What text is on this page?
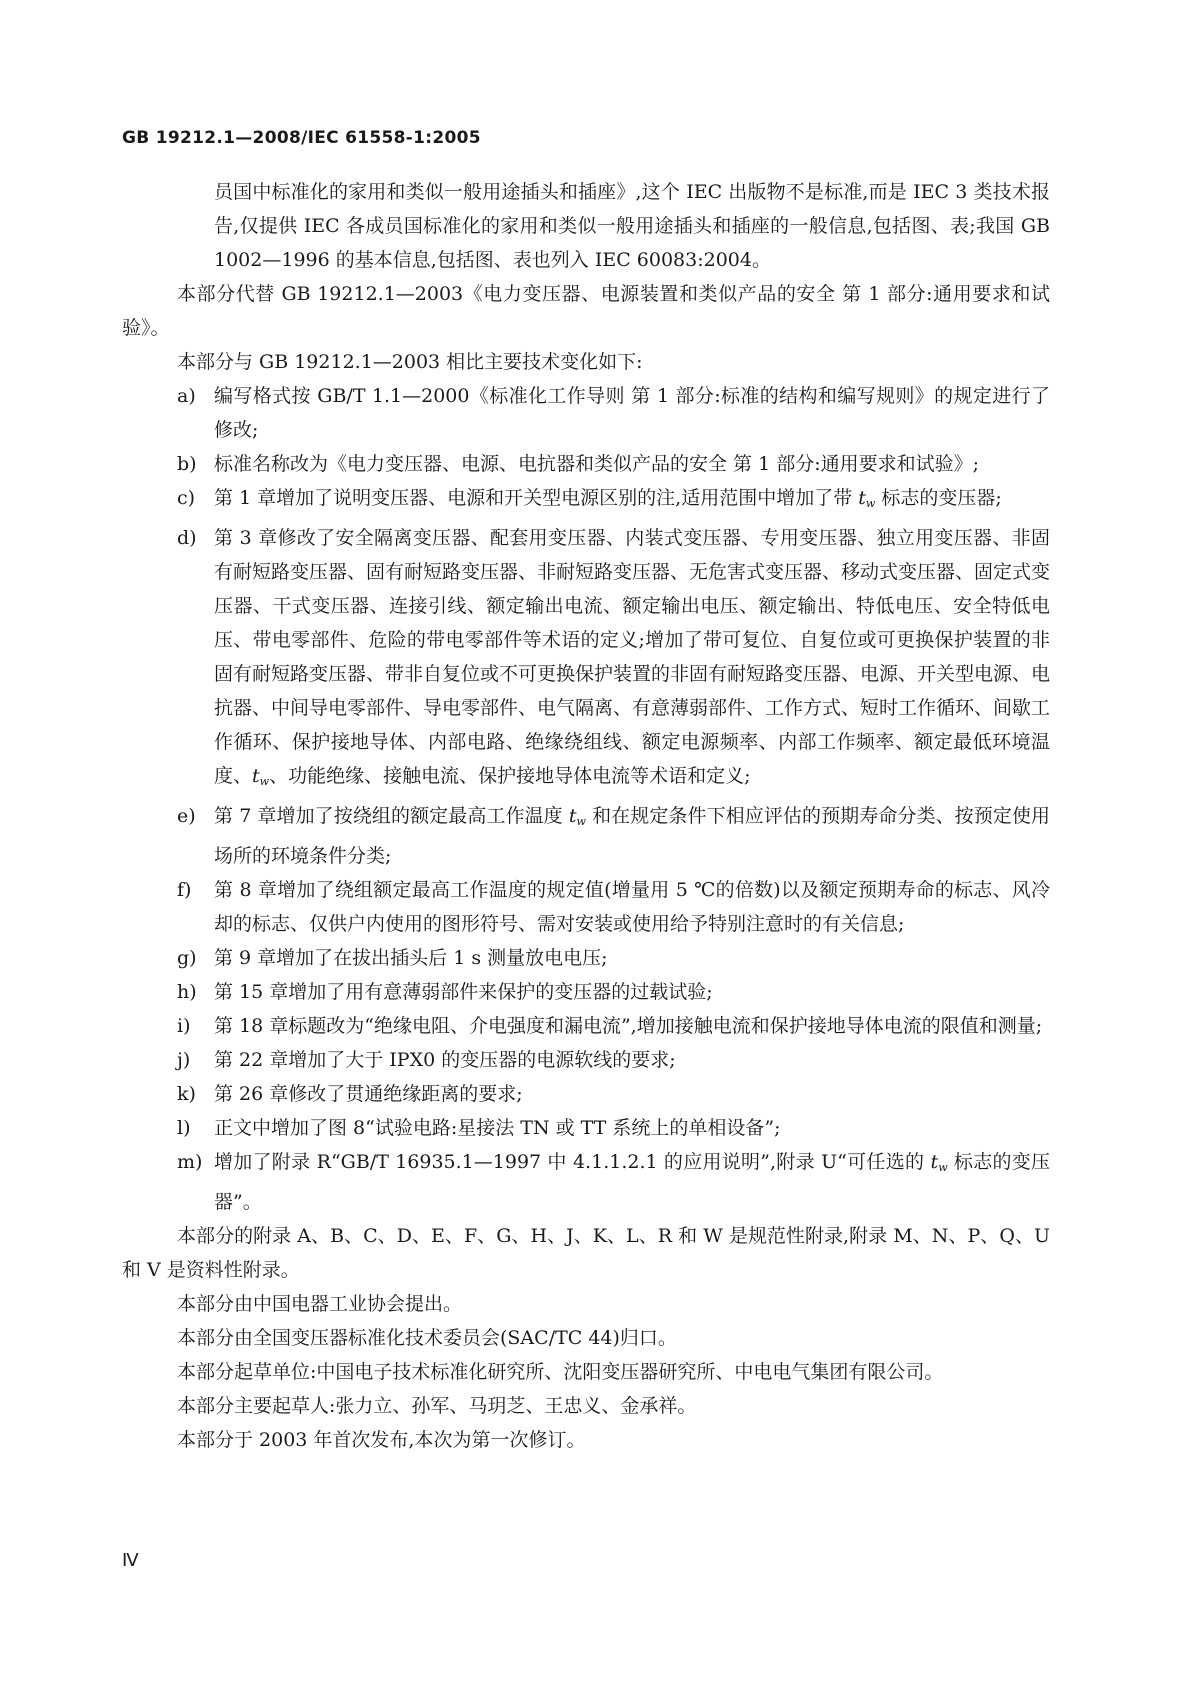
GB 19212.1—2008/IEC 61558-1:2005

员国中标准化的家用和类似一般用途插头和插座》,这个 IEC 出版物不是标准,而是 IEC 3 类技术报告,仅提供 IEC 各成员国标准化的家用和类似一般用途插头和插座的一般信息,包括图、表;我国 GB 1002—1996 的基本信息,包括图、表也列入 IEC 60083:2004。

本部分代替 GB 19212.1—2003《电力变压器、电源装置和类似产品的安全 第 1 部分:通用要求和试验》。

本部分与 GB 19212.1—2003 相比主要技术变化如下:

a) 编写格式按 GB/T 1.1—2000《标准化工作导则 第 1 部分:标准的结构和编写规则》的规定进行了修改;
b) 标准名称改为《电力变压器、电源、电抗器和类似产品的安全 第 1 部分:通用要求和试验》;
c) 第 1 章增加了说明变压器、电源和开关型电源区别的注,适用范围中增加了带 $t_w$ 标志的变压器;
d) 第 3 章修改了安全隔离变压器、配套用变压器、内装式变压器、专用变压器、独立用变压器、非固有耐短路变压器、固有耐短路变压器、非耐短路变压器、无危害式变压器、移动式变压器、固定式变压器、干式变压器、连接引线、额定输出电流、额定输出电压、额定输出、特低电压、安全特低电压、带电零部件、危险的带电零部件等术语的定义;增加了带可复位、自复位或可更换保护装置的非固有耐短路变压器、带非自复位或不可更换保护装置的非固有耐短路变压器、电源、开关型电源、电抗器、中间导电零部件、导电零部件、电气隔离、有意薄弱部件、工作方式、短时工作循环、间歇工作循环、保护接地导体、内部电路、绝缘绕组线、额定电源频率、内部工作频率、额定最低环境温度、$t_w$、功能绝缘、接触电流、保护接地导体电流等术语和定义;
e) 第 7 章增加了按绕组的额定最高工作温度 $t_w$ 和在规定条件下相应评估的预期寿命分类、按预定使用场所的环境条件分类;
f) 第 8 章增加了绕组额定最高工作温度的规定值(增量用 5 ℃的倍数)以及额定预期寿命的标志、风冷却的标志、仅供户内使用的图形符号、需对安装或使用给予特别注意时的有关信息;
g) 第 9 章增加了在拔出插头后 1 s 测量放电电压;
h) 第 15 章增加了用有意薄弱部件来保护的变压器的过载试验;
i) 第 18 章标题改为“绝缘电阻、介电强度和漏电流”,增加接触电流和保护接地导体电流的限值和测量;
j) 第 22 章增加了大于 IPX0 的变压器的电源软线的要求;
k) 第 26 章修改了贯通绝缘距离的要求;
l) 正文中增加了图 8“试验电路:星接法 TN 或 TT 系统上的单相设备”;
m) 增加了附录 R“GB/T 16935.1—1997 中 4.1.1.2.1 的应用说明”,附录 U“可任选的 $t_w$ 标志的变压器”。

本部分的附录 A、B、C、D、E、F、G、H、J、K、L、R 和 W 是规范性附录,附录 M、N、P、Q、U 和 V 是资料性附录。

本部分由中国电器工业协会提出。

本部分由全国变压器标准化技术委员会(SAC/TC 44)归口。

本部分起草单位:中国电子技术标准化研究所、沈阳变压器研究所、中电电气集团有限公司。

本部分主要起草人:张力立、孙军、马玥芝、王忠义、金承祥。

本部分于 2003 年首次发布,本次为第一次修订。

Ⅳ
